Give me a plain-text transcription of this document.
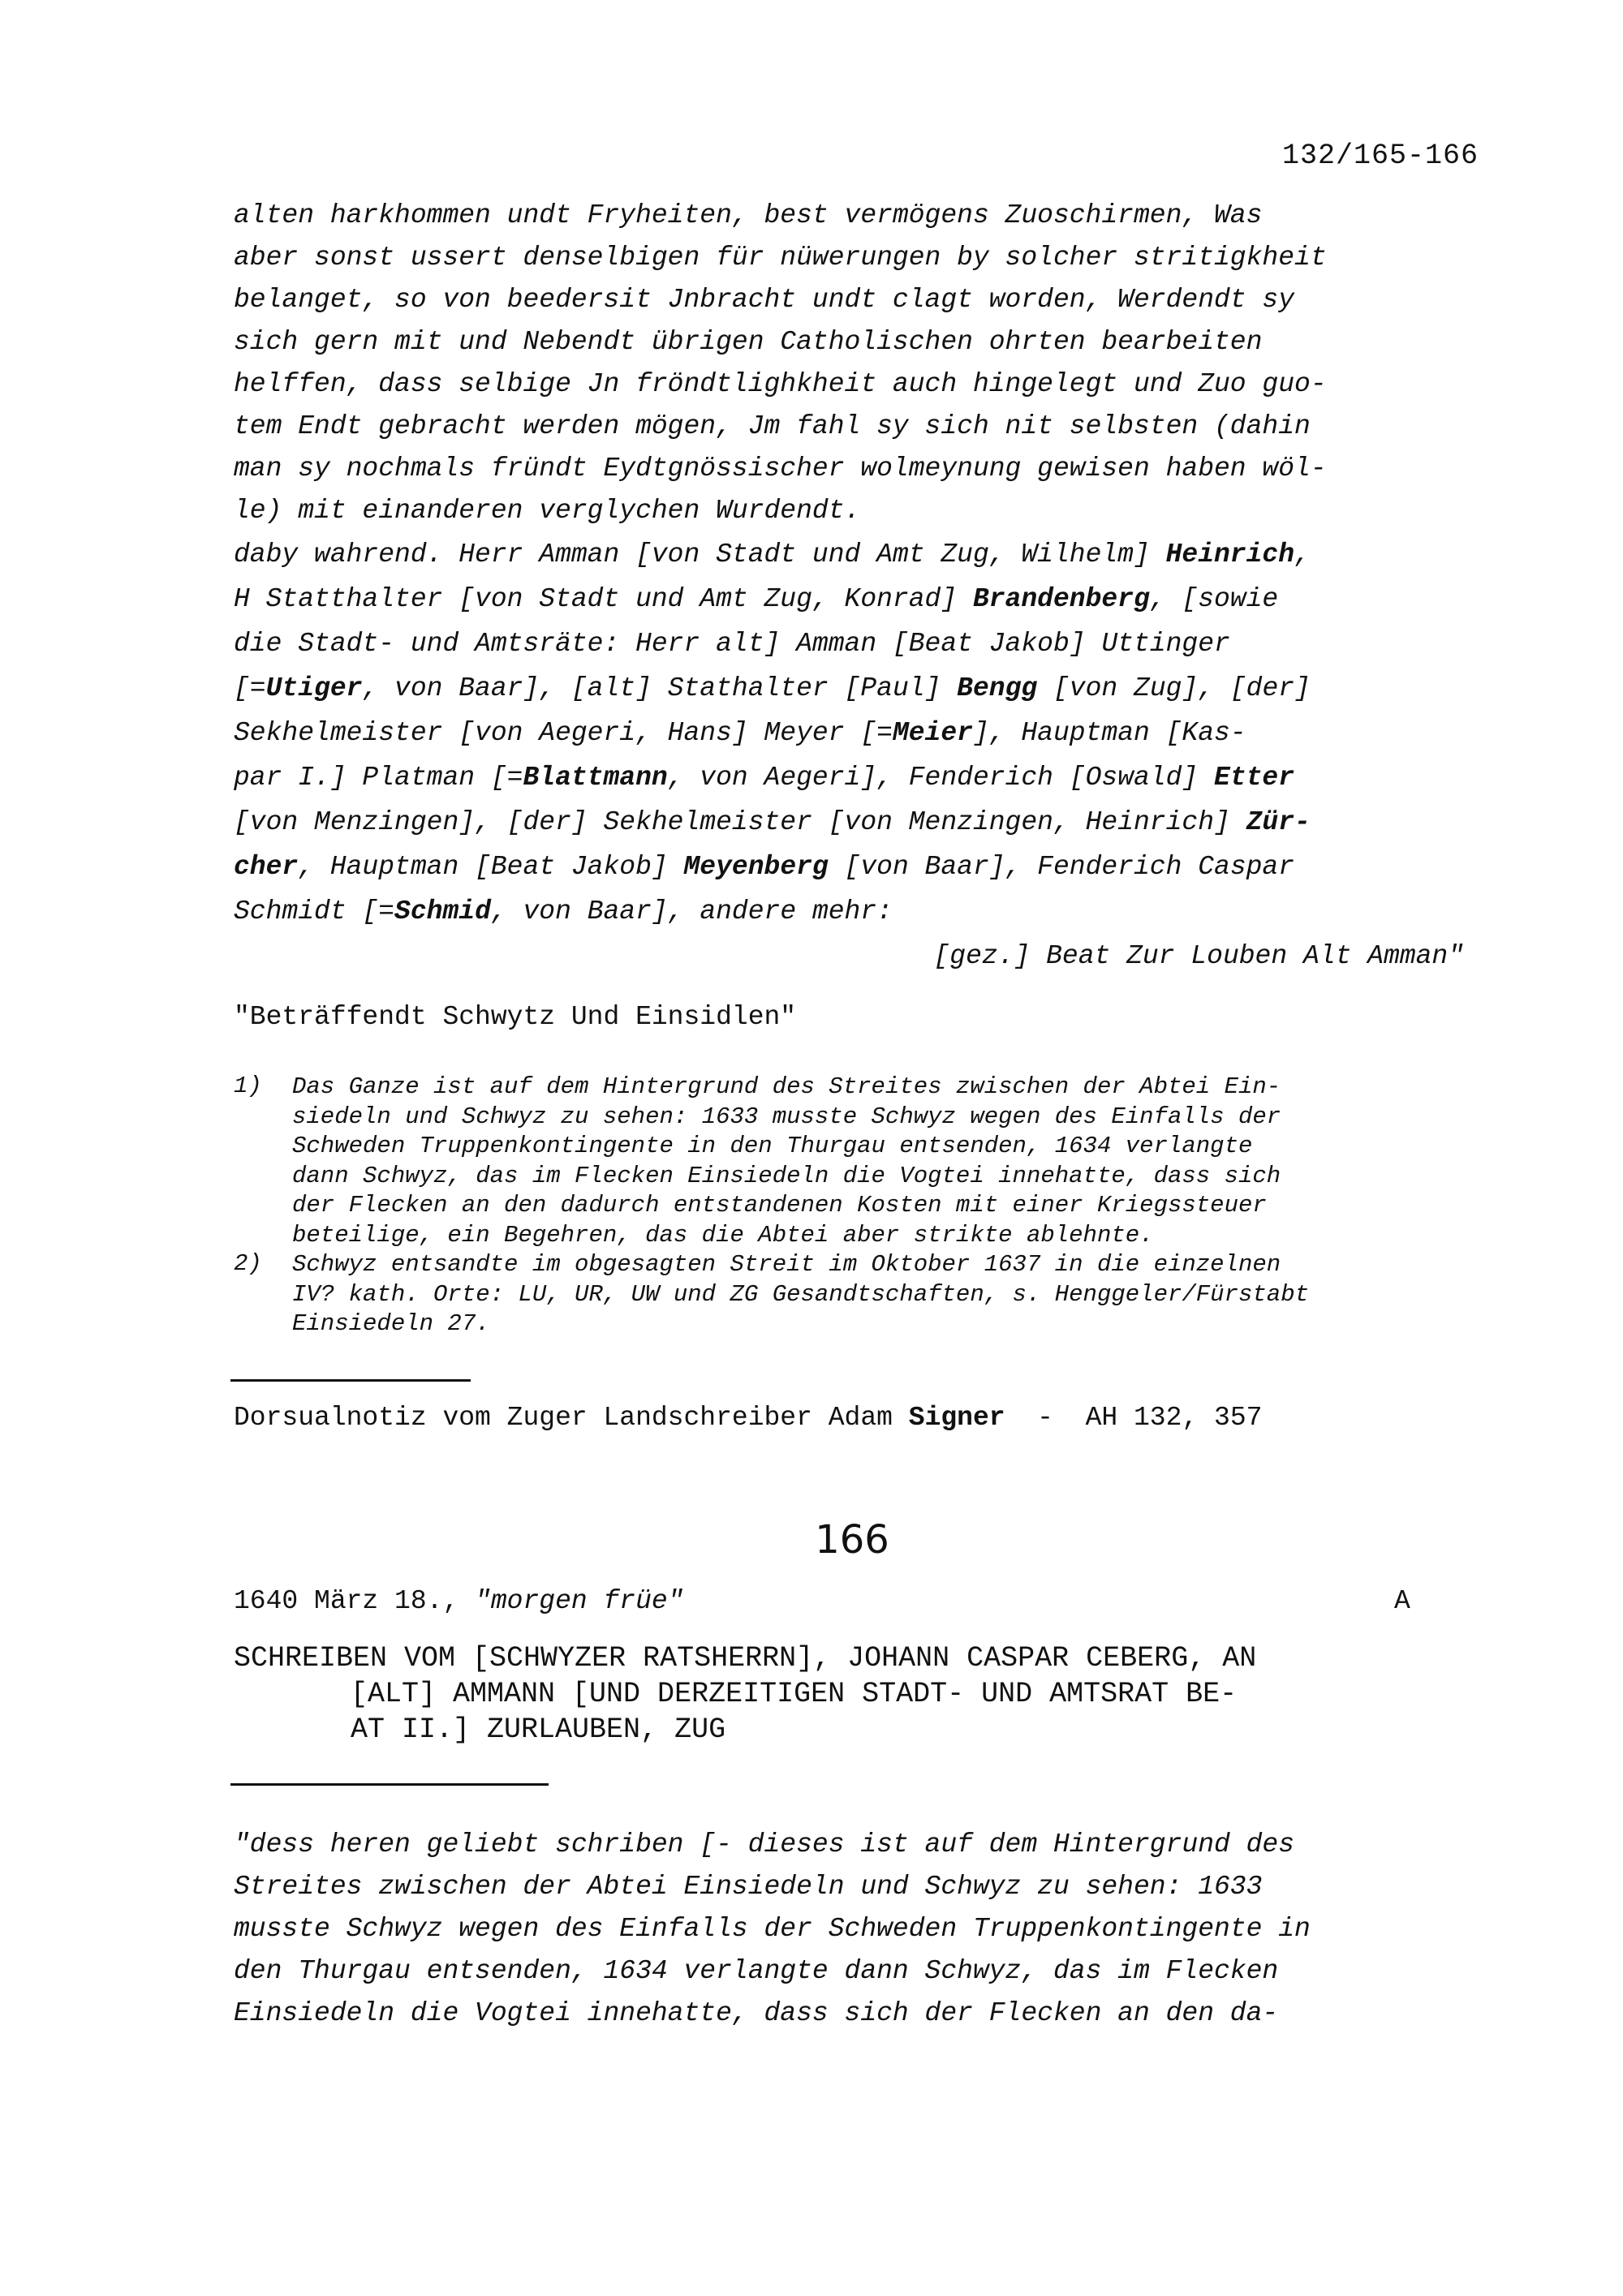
132/165-166
alten harkhommen undt Fryheiten, best vermögens Zuoschirmen, Was
aber sonst ussert denselbigen für nüwerungen by solcher stritigkheit
belanget, so von beedersit Jnbracht undt clagt worden, Werdendt sy
sich gern mit und Nebendt übrigen Catholischen ohrten bearbeiten
helffen, dass selbige Jn fröndtlighkheit auch hingelegt und Zuo guo-
tem Endt gebracht werden mögen, Jm fahl sy sich nit selbsten (dahin
man sy nochmals fründt Eydtgnössischer wolmeynung gewisen haben wöl-
le) mit einanderen verglychen Wurdendt.
daby wahrend. Herr Amman [von Stadt und Amt Zug, Wilhelm] Heinrich,
H Statthalter [von Stadt und Amt Zug, Konrad] Brandenberg, [sowie
die Stadt- und Amtsräte: Herr alt] Amman [Beat Jakob] Uttinger
[=Utiger, von Baar], [alt] Stathalter [Paul] Bengg [von Zug], [der]
Sekhelmeister [von Aegeri, Hans] Meyer [=Meier], Hauptman [Kas-
par I.] Platman [=Blattmann, von Aegeri], Fenderich [Oswald] Etter
[von Menzingen], [der] Sekhelmeister [von Menzingen, Heinrich] Zür-
cher, Hauptman [Beat Jakob] Meyenberg [von Baar], Fenderich Caspar
Schmidt [=Schmid, von Baar], andere mehr:
[gez.] Beat Zur Louben Alt Amman"
"Beträffendt Schwytz Und Einsidlen"
1) Das Ganze ist auf dem Hintergrund des Streites zwischen der Abtei Ein-
siedeln und Schwyz zu sehen: 1633 musste Schwyz wegen des Einfalls der
Schweden Truppenkontingente in den Thurgau entsenden, 1634 verlangte
dann Schwyz, das im Flecken Einsiedeln die Vogtei innehatte, dass sich
der Flecken an den dadurch entstandenen Kosten mit einer Kriegssteuer
beteilige, ein Begehren, das die Abtei aber strikte ablehnte.
2) Schwyz entsandte im obgesagten Streit im Oktober 1637 in die einzelnen
IV? kath. Orte: LU, UR, UW und ZG Gesandtschaften, s. Henggeler/Fürstabt
Einsiedeln 27.
Dorsualnotiz vom Zuger Landschreiber Adam Signer  -  AH 132, 357
166
1640 März 18., "morgen früe"	A
SCHREIBEN VOM [SCHWYZER RATSHERRN], JOHANN CASPAR CEBERG, AN
[ALT] AMMANN [UND DERZEITIGEN STADT- UND AMTSRAT BE-
AT II.] ZURLAUBEN, ZUG
"dess heren geliebt schriben [- dieses ist auf dem Hintergrund des
Streites zwischen der Abtei Einsiedeln und Schwyz zu sehen: 1633
musste Schwyz wegen des Einfalls der Schweden Truppenkontingente in
den Thurgau entsenden, 1634 verlangte dann Schwyz, das im Flecken
Einsiedeln die Vogtei innehatte, dass sich der Flecken an den da-
